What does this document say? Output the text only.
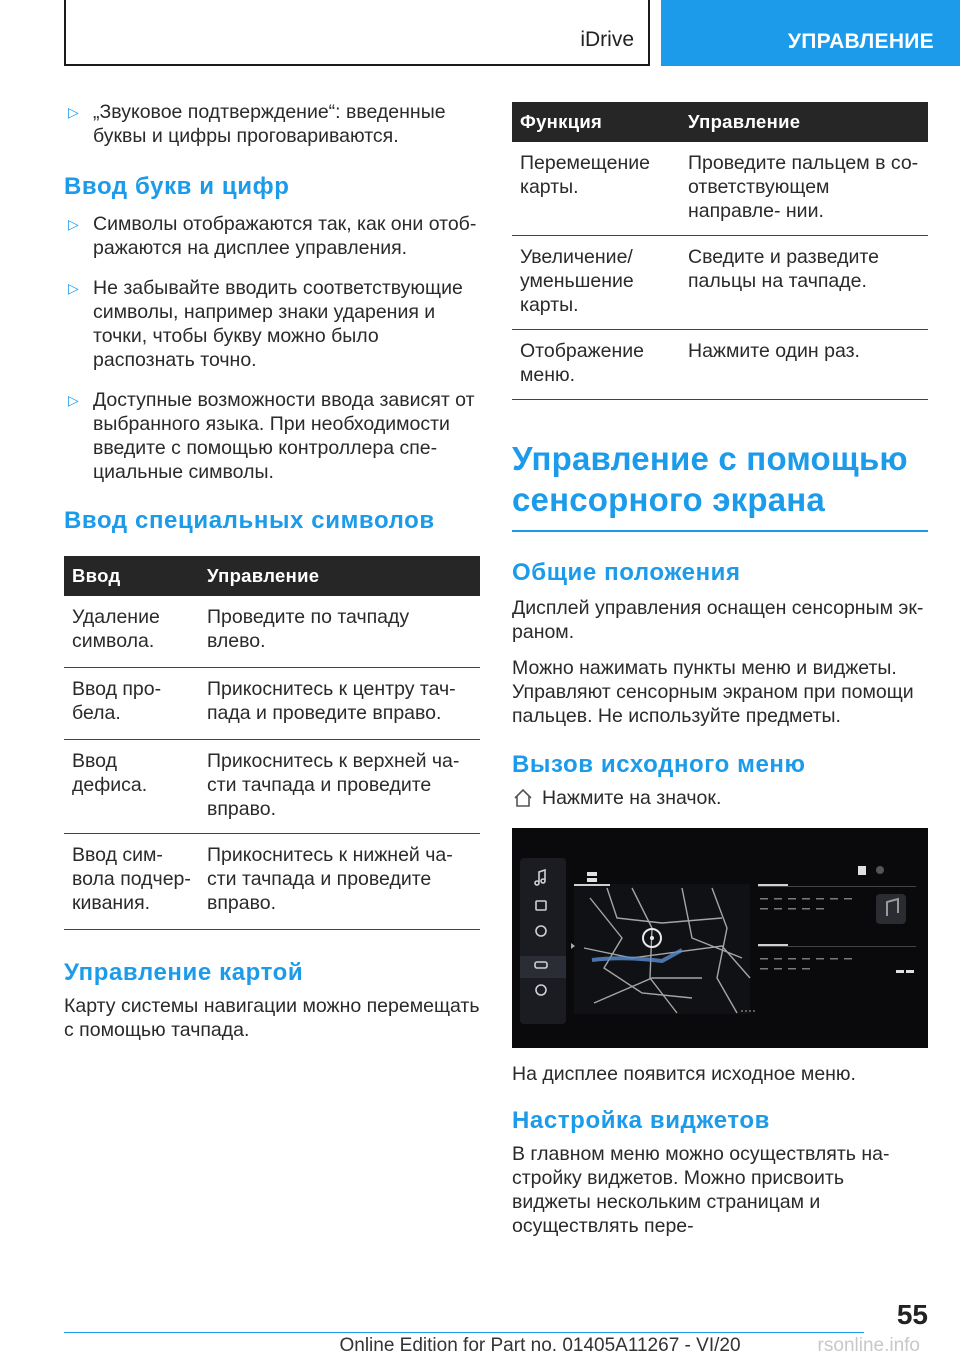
iDrive	УПРАВЛЕНИЕ
▷ „Звуковое подтверждение“: введенные буквы и цифры проговариваются.
Ввод букв и цифр
▷ Символы отображаются так, как они отоб‐ ражаются на дисплее управления.
▷ Не забывайте вводить соответствующие символы, например знаки ударения и точки, чтобы букву можно было распознать точно.
▷ Доступные возможности ввода зависят от выбранного языка. При необходимости введите с помощью контроллера спе‐ циальные символы.
Ввод специальных символов
Ввод	Управление
Удаление символа.	Проведите по тачпаду влево.
Ввод про‐ бела.	Прикоснитесь к центру тач‐ пада и проведите вправо.
Ввод дефиса.	Прикоснитесь к верхней ча‐ сти тачпада и проведите вправо.
Ввод сим‐ вола подчер‐ кивания.	Прикоснитесь к нижней ча‐ сти тачпада и проведите вправо.
Управление картой
Карту системы навигации можно перемещать с помощью тачпада.
Функция	Управление
Перемещение карты.	Проведите пальцем в со‐ ответствующем направле‐ нии.
Увеличение/ уменьшение карты.	Сведите и разведите пальцы на тачпаде.
Отображение меню.	Нажмите один раз.
Управление с помощью сенсорного экрана
Общие положения
Дисплей управления оснащен сенсорным эк‐ раном.
Можно нажимать пункты меню и виджеты. Управляют сенсорным экраном при помощи пальцев. Не используйте предметы.
Вызов исходного меню
Нажмите на значок.
На дисплее появится исходное меню.
Настройка виджетов
В главном меню можно осуществлять на‐ стройку виджетов. Можно присвоить виджеты нескольким страницам и осуществлять пере‐
55
Online Edition for Part no. 01405A11267 - VI/20	rsonline.info
